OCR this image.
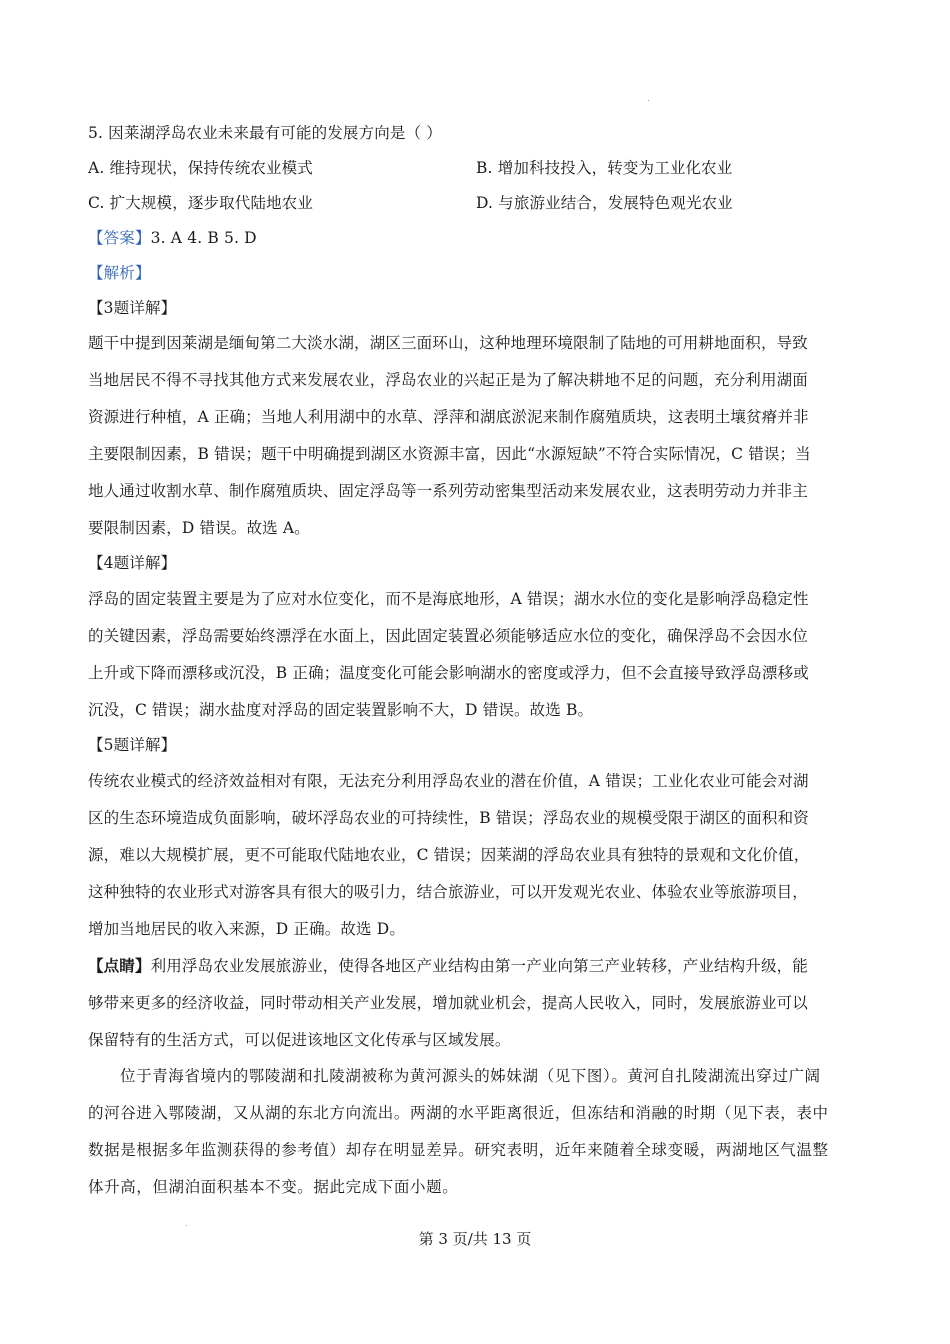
5. 因莱湖浮岛农业未来最有可能的发展方向是（ ）
A. 维持现状，保持传统农业模式	B. 增加科技投入，转变为工业化农业
C. 扩大规模，逐步取代陆地农业	D. 与旅游业结合，发展特色观光农业
【答案】3. A 4. B 5. D
【解析】
【3题详解】
题干中提到因莱湖是缅甸第二大淡水湖，湖区三面环山，这种地理环境限制了陆地的可用耕地面积，导致
当地居民不得不寻找其他方式来发展农业，浮岛农业的兴起正是为了解决耕地不足的问题，充分利用湖面
资源进行种植，A 正确；当地人利用湖中的水草、浮萍和湖底淤泥来制作腐殖质块，这表明土壤贫瘠并非
主要限制因素，B 错误；题干中明确提到湖区水资源丰富，因此“水源短缺”不符合实际情况，C 错误；当
地人通过收割水草、制作腐殖质块、固定浮岛等一系列劳动密集型活动来发展农业，这表明劳动力并非主
要限制因素，D 错误。故选 A。
【4题详解】
浮岛的固定装置主要是为了应对水位变化，而不是海底地形，A 错误；湖水水位的变化是影响浮岛稳定性
的关键因素，浮岛需要始终漂浮在水面上，因此固定装置必须能够适应水位的变化，确保浮岛不会因水位
上升或下降而漂移或沉没，B 正确；温度变化可能会影响湖水的密度或浮力，但不会直接导致浮岛漂移或
沉没，C 错误；湖水盐度对浮岛的固定装置影响不大，D 错误。故选 B。
【5题详解】
传统农业模式的经济效益相对有限，无法充分利用浮岛农业的潜在价值，A 错误；工业化农业可能会对湖
区的生态环境造成负面影响，破坏浮岛农业的可持续性，B 错误；浮岛农业的规模受限于湖区的面积和资
源，难以大规模扩展，更不可能取代陆地农业，C 错误；因莱湖的浮岛农业具有独特的景观和文化价值，
这种独特的农业形式对游客具有很大的吸引力，结合旅游业，可以开发观光农业、体验农业等旅游项目，
增加当地居民的收入来源，D 正确。故选 D。
【点睛】利用浮岛农业发展旅游业，使得各地区产业结构由第一产业向第三产业转移，产业结构升级，能
够带来更多的经济收益，同时带动相关产业发展，增加就业机会，提高人民收入，同时，发展旅游业可以
保留特有的生活方式，可以促进该地区文化传承与区域发展。
位于青海省境内的鄂陵湖和扎陵湖被称为黄河源头的姊妹湖（见下图）。黄河自扎陵湖流出穿过广阔
的河谷进入鄂陵湖，又从湖的东北方向流出。两湖的水平距离很近，但冻结和消融的时期（见下表，表中
数据是根据多年监测获得的参考值）却存在明显差异。研究表明，近年来随着全球变暖，两湖地区气温整
体升高，但湖泊面积基本不变。据此完成下面小题。
第 3 页/共 13 页
